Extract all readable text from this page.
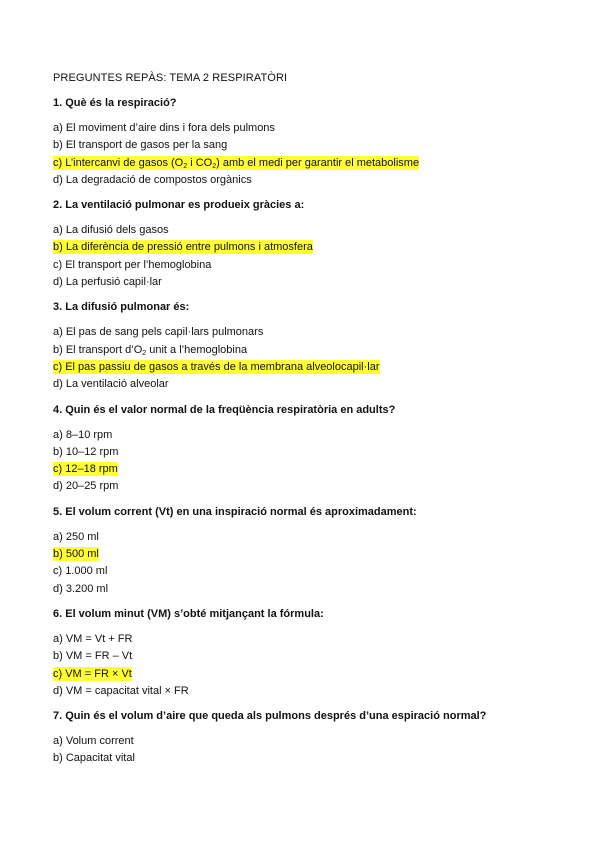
PREGUNTES REPÀS: TEMA 2 RESPIRATÒRI
1. Què és la respiració?
a) El moviment d’aire dins i fora dels pulmons
b) El transport de gasos per la sang
c) L’intercanvi de gasos ($O_2$ i $CO_2$) amb el medi per garantir el metabolisme
d) La degradació de compostos orgànics
2. La ventilació pulmonar es produeix gràcies a:
a) La difusió dels gasos
b) La diferència de pressió entre pulmons i atmosfera
c) El transport per l’hemoglobina
d) La perfusió capil·lar
3. La difusió pulmonar és:
a) El pas de sang pels capil·lars pulmonars
b) El transport $d’O_2$ unit a l’hemoglobina
c) El pas passiu de gasos a través de la membrana alveolocapil·lar
d) La ventilació alveolar
4. Quin és el valor normal de la freqüència respiratòria en adults?
a) 8–10 rpm
b) 10–12 rpm
c) 12–18 rpm
d) 20–25 rpm
5. El volum corrent (Vt) en una inspiració normal és aproximadament:
a) 250 ml
b) 500 ml
c) 1.000 ml
d) 3.200 ml
6. El volum minut (VM) s’obté mitjançant la fórmula:
a) VM = Vt + FR
b) VM = FR – Vt
c) VM = FR × Vt
d) VM = capacitat vital × FR
7. Quin és el volum d’aire que queda als pulmons després d’una espiració normal?
a) Volum corrent
b) Capacitat vital
